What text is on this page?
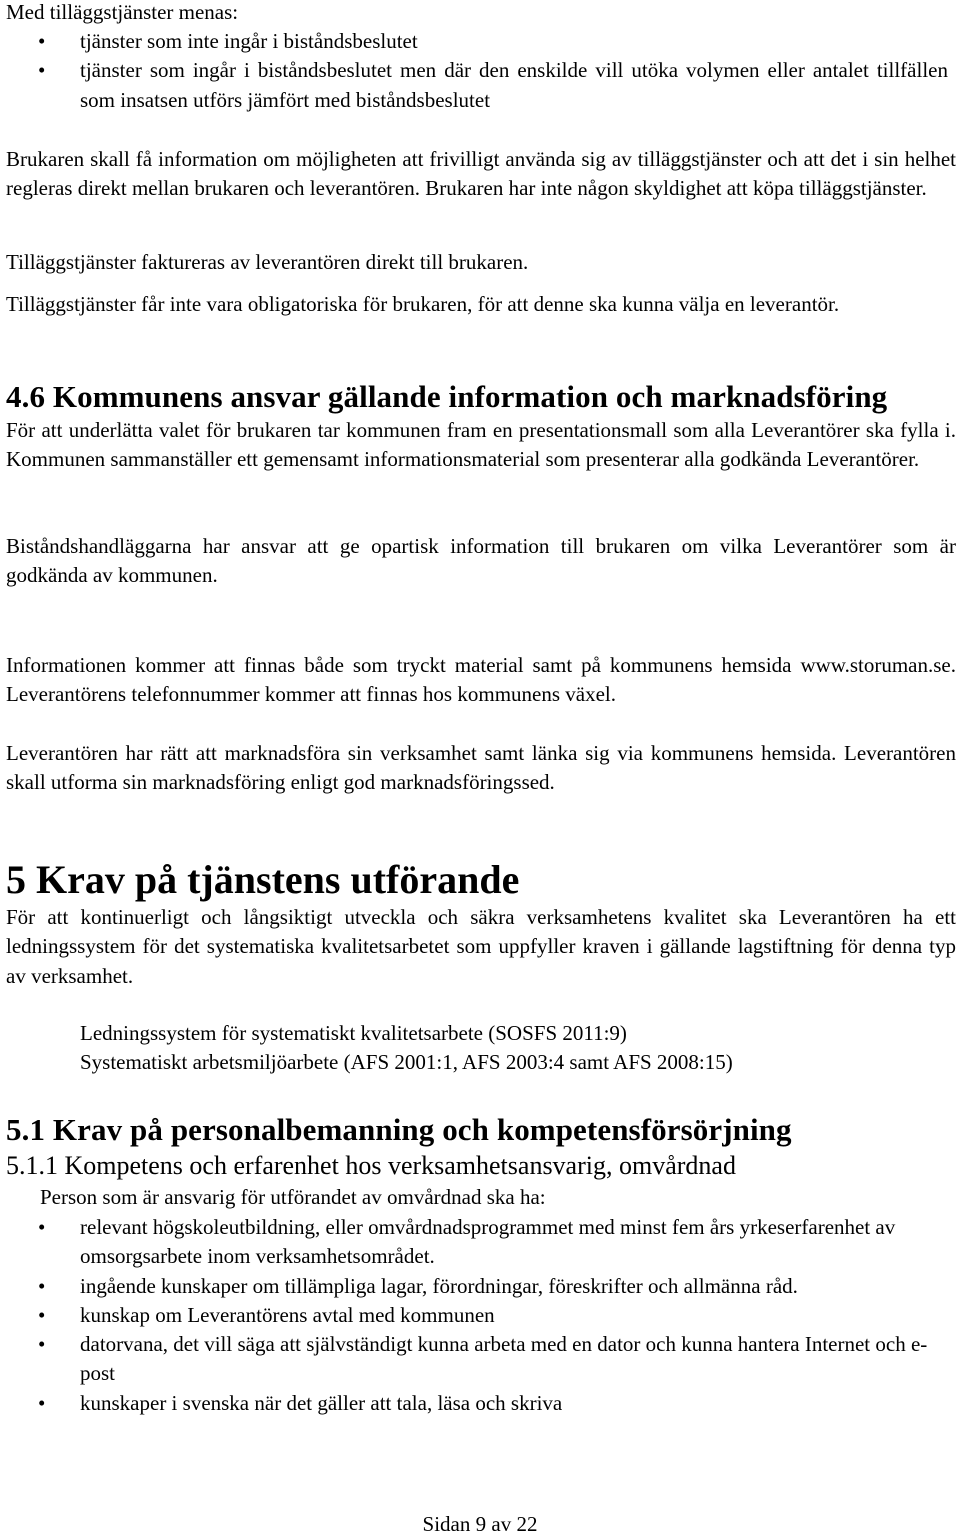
Med tilläggstjänster menas:

• tjänster som inte ingår i biståndsbeslutet
• tjänster som ingår i biståndsbeslutet men där den enskilde vill utöka volymen eller antalet tillfällen som insatsen utförs jämfört med biståndsbeslutet

Brukaren skall få information om möjligheten att frivilligt använda sig av tilläggstjänster och att det i sin helhet regleras direkt mellan brukaren och leverantören. Brukaren har inte någon skyldighet att köpa tilläggstjänster.

Tilläggstjänster faktureras av leverantören direkt till brukaren.

Tilläggstjänster får inte vara obligatoriska för brukaren, för att denne ska kunna välja en leverantör.

4.6 Kommunens ansvar gällande information och marknadsföring

För att underlätta valet för brukaren tar kommunen fram en presentationsmall som alla Leverantörer ska fylla i. Kommunen sammanställer ett gemensamt informationsmaterial som presenterar alla godkända Leverantörer.

Biståndshandläggarna har ansvar att ge opartisk information till brukaren om vilka Leverantörer som är godkända av kommunen.

Informationen kommer att finnas både som tryckt material samt på kommunens hemsida www.storuman.se. Leverantörens telefonnummer kommer att finnas hos kommunens växel.

Leverantören har rätt att marknadsföra sin verksamhet samt länka sig via kommunens hemsida. Leverantören skall utforma sin marknadsföring enligt god marknadsföringssed.

5 Krav på tjänstens utförande

För att kontinuerligt och långsiktigt utveckla och säkra verksamhetens kvalitet ska Leverantören ha ett ledningssystem för det systematiska kvalitetsarbetet som uppfyller kraven i gällande lagstiftning för denna typ av verksamhet.

Ledningssystem för systematiskt kvalitetsarbete (SOSFS 2011:9)

Systematiskt arbetsmiljöarbete (AFS 2001:1, AFS 2003:4 samt AFS 2008:15)

5.1 Krav på personalbemanning och kompetensförsörjning
5.1.1 Kompetens och erfarenhet hos verksamhetsansvarig, omvårdnad

Person som är ansvarig för utförandet av omvårdnad ska ha:

• relevant högskoleutbildning, eller omvårdnadsprogrammet med minst fem års yrkeserfarenhet av omsorgsarbete inom verksamhetsområdet.
• ingående kunskaper om tillämpliga lagar, förordningar, föreskrifter och allmänna råd.
• kunskap om Leverantörens avtal med kommunen
• datorvana, det vill säga att självständigt kunna arbeta med en dator och kunna hantera Internet och e-post
• kunskaper i svenska när det gäller att tala, läsa och skriva
Sidan 9 av 22
